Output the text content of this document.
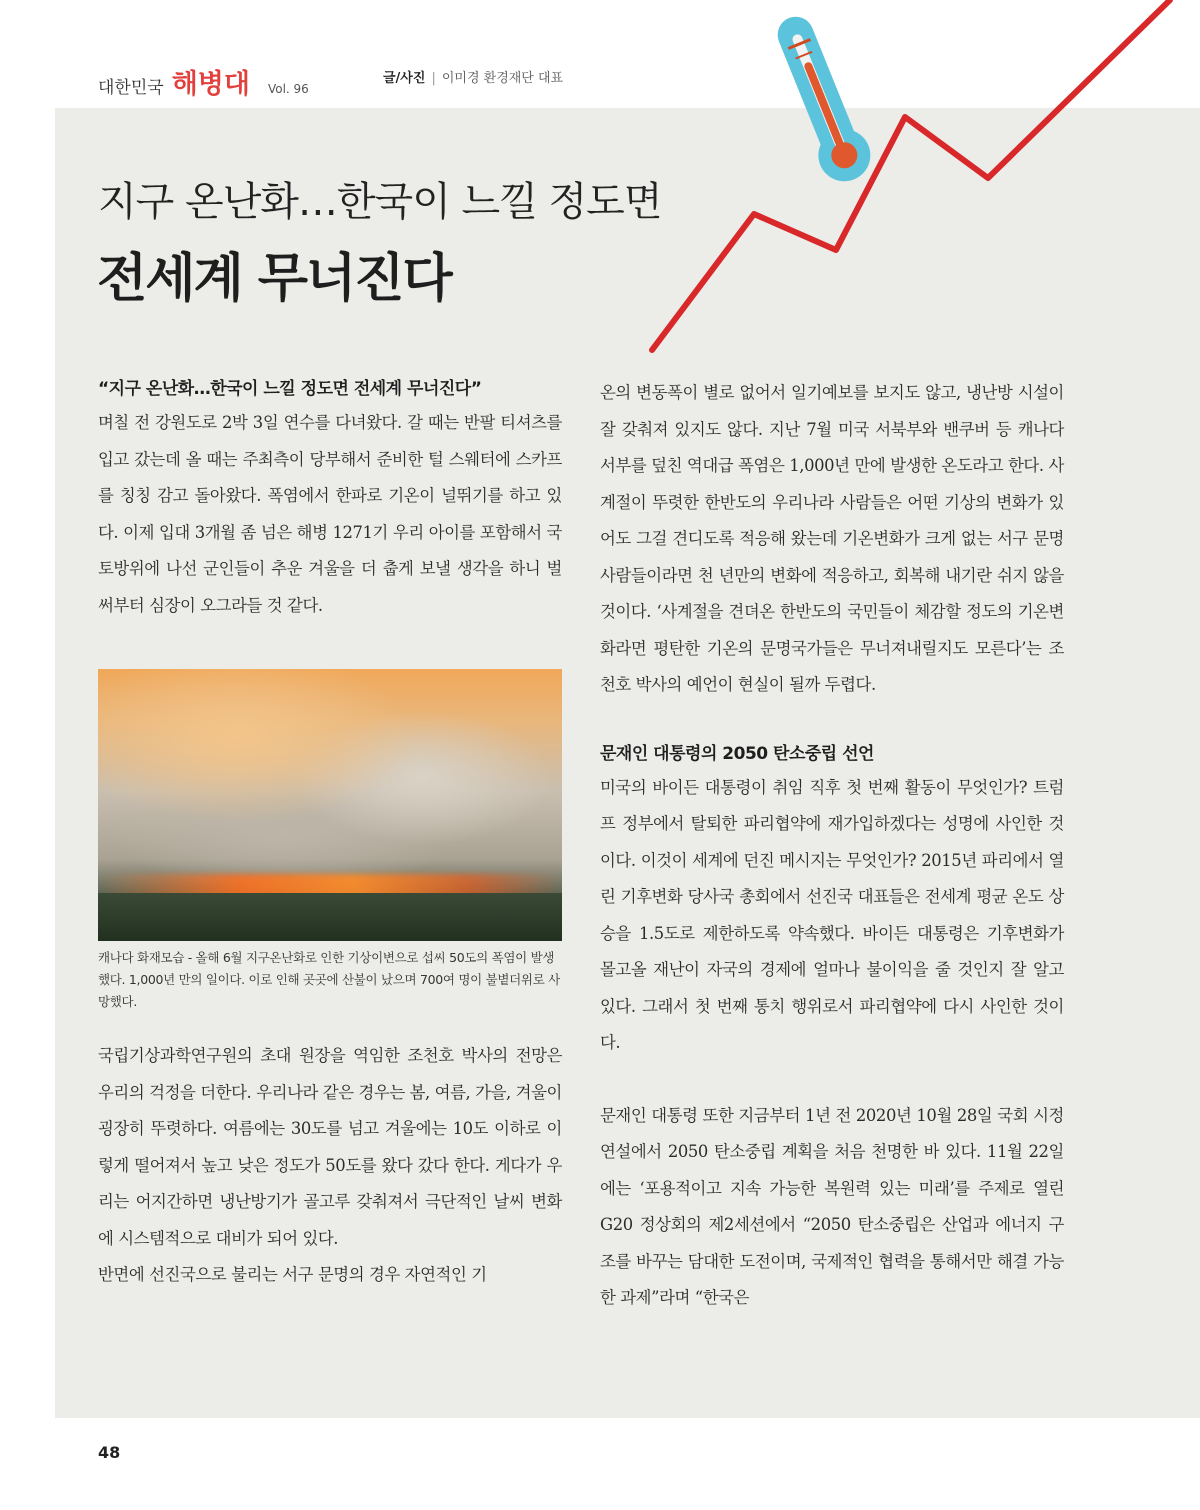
대한민국 해병대 Vol. 96
글/사진 | 이미경 환경재단 대표
지구 온난화…한국이 느낄 정도면
전세계 무너진다
“지구 온난화…한국이 느낄 정도면 전세계 무너진다”

며칠 전 강원도로 2박 3일 연수를 다녀왔다. 갈 때는 반팔 티셔츠를 입고 갔는데 올 때는 주최측이 당부해서 준비한 털 스웨터에 스카프를 칭칭 감고 돌아왔다. 폭염에서 한파로 기온이 널뛰기를 하고 있다. 이제 입대 3개월 좀 넘은 해병 1271기 우리 아이를 포함해서 국토방위에 나선 군인들이 추운 겨울을 더 춥게 보낼 생각을 하니 벌써부터 심장이 오그라들 것 같다.

캐나다 화재모습 - 올해 6월 지구온난화로 인한 기상이변으로 섭씨 50도의 폭염이 발생했다. 1,000년 만의 일이다. 이로 인해 곳곳에 산불이 났으며 700여 명이 불볕더위로 사망했다.

국립기상과학연구원의 초대 원장을 역임한 조천호 박사의 전망은 우리의 걱정을 더한다. 우리나라 같은 경우는 봄, 여름, 가을, 겨울이 굉장히 뚜렷하다. 여름에는 30도를 넘고 겨울에는 10도 이하로 이렇게 떨어져서 높고 낮은 정도가 50도를 왔다 갔다 한다. 게다가 우리는 어지간하면 냉난방기가 골고루 갖춰져서 극단적인 날씨 변화에 시스템적으로 대비가 되어 있다.

반면에 선진국으로 불리는 서구 문명의 경우 자연적인 기

온의 변동폭이 별로 없어서 일기예보를 보지도 않고, 냉난방 시설이 잘 갖춰져 있지도 않다. 지난 7월 미국 서북부와 밴쿠버 등 캐나다 서부를 덮친 역대급 폭염은 1,000년 만에 발생한 온도라고 한다. 사계절이 뚜렷한 한반도의 우리나라 사람들은 어떤 기상의 변화가 있어도 그걸 견디도록 적응해 왔는데 기온변화가 크게 없는 서구 문명 사람들이라면 천 년만의 변화에 적응하고, 회복해 내기란 쉬지 않을 것이다. ‘사계절을 견뎌온 한반도의 국민들이 체감할 정도의 기온변화라면 평탄한 기온의 문명국가들은 무너져내릴지도 모른다’는 조천호 박사의 예언이 현실이 될까 두렵다.

문재인 대통령의 2050 탄소중립 선언

미국의 바이든 대통령이 취임 직후 첫 번째 활동이 무엇인가? 트럼프 정부에서 탈퇴한 파리협약에 재가입하겠다는 성명에 사인한 것이다. 이것이 세계에 던진 메시지는 무엇인가? 2015년 파리에서 열린 기후변화 당사국 총회에서 선진국 대표들은 전세계 평균 온도 상승을 1.5도로 제한하도록 약속했다. 바이든 대통령은 기후변화가 몰고올 재난이 자국의 경제에 얼마나 불이익을 줄 것인지 잘 알고 있다. 그래서 첫 번째 통치 행위로서 파리협약에 다시 사인한 것이다.

문재인 대통령 또한 지금부터 1년 전 2020년 10월 28일 국회 시정연설에서 2050 탄소중립 계획을 처음 천명한 바 있다. 11월 22일에는 ‘포용적이고 지속 가능한 복원력 있는 미래’를 주제로 열린 G20 정상회의 제2세션에서 “2050 탄소중립은 산업과 에너지 구조를 바꾸는 담대한 도전이며, 국제적인 협력을 통해서만 해결 가능한 과제”라며 “한국은

48
